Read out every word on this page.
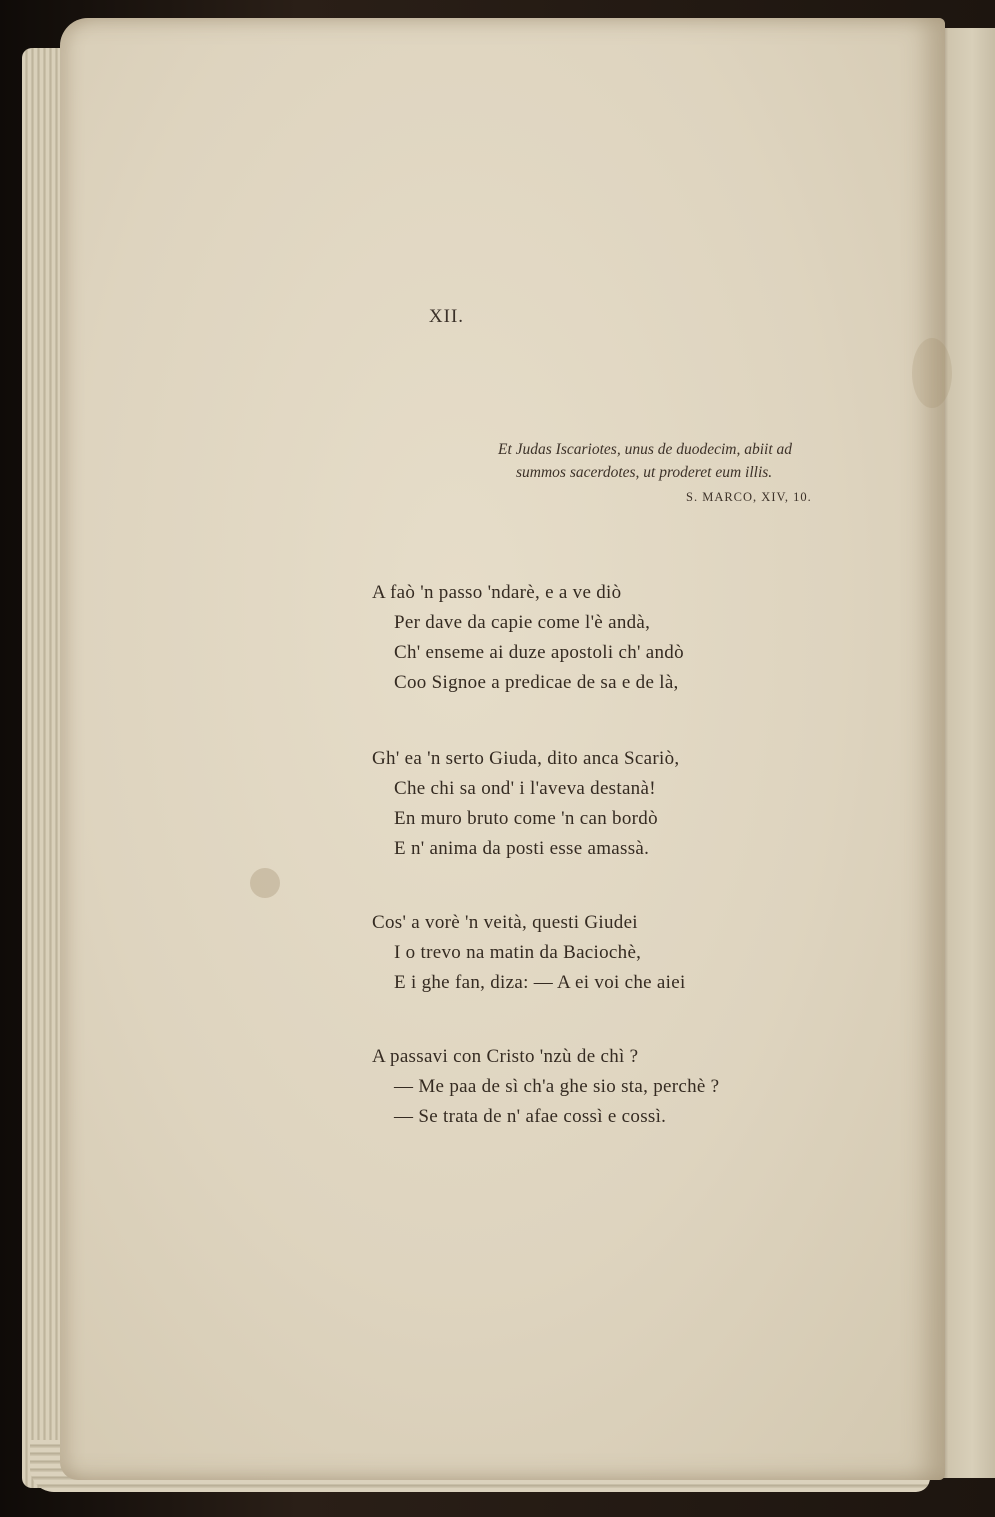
XII.
Et Judas Iscariotes, unus de duodecim, abiit ad
summos sacerdotes, ut proderet eum illis.
S. MARCO, XIV, 10.
A faò 'n passo 'ndarè, e a ve diò
Per dave da capie come l'è andà,
Ch' enseme ai duze apostoli ch' andò
Coo Signoe a predicae de sa e de là,
Gh' ea 'n serto Giuda, dito anca Scariò,
Che chi sa ond' i l'aveva destanà!
En muro bruto come 'n can bordò
E n' anima da posti esse amassà.
Cos' a vorè 'n veità, questi Giudei
I o trevo na matin da Baciochè,
E i ghe fan, diza: — A ei voi che aiei
A passavi con Cristo 'nzù de chì ?
— Me paa de sì ch'a ghe sio sta, perchè ?
— Se trata de n' afae cossì e cossì.
